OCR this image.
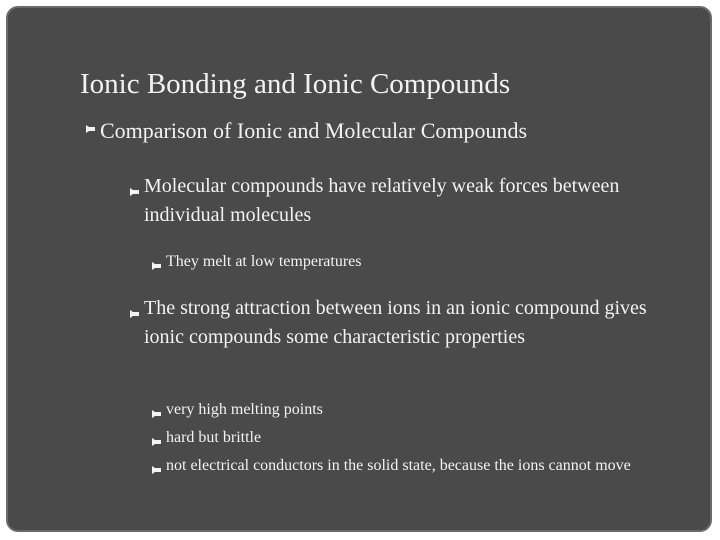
Ionic Bonding and Ionic Compounds
Comparison of Ionic and Molecular Compounds
Molecular compounds have relatively weak forces between individual molecules
They melt at low temperatures
The strong attraction between ions in an ionic compound gives ionic compounds some characteristic properties
very high melting points
hard but brittle
not electrical conductors in the solid state, because the ions cannot move
